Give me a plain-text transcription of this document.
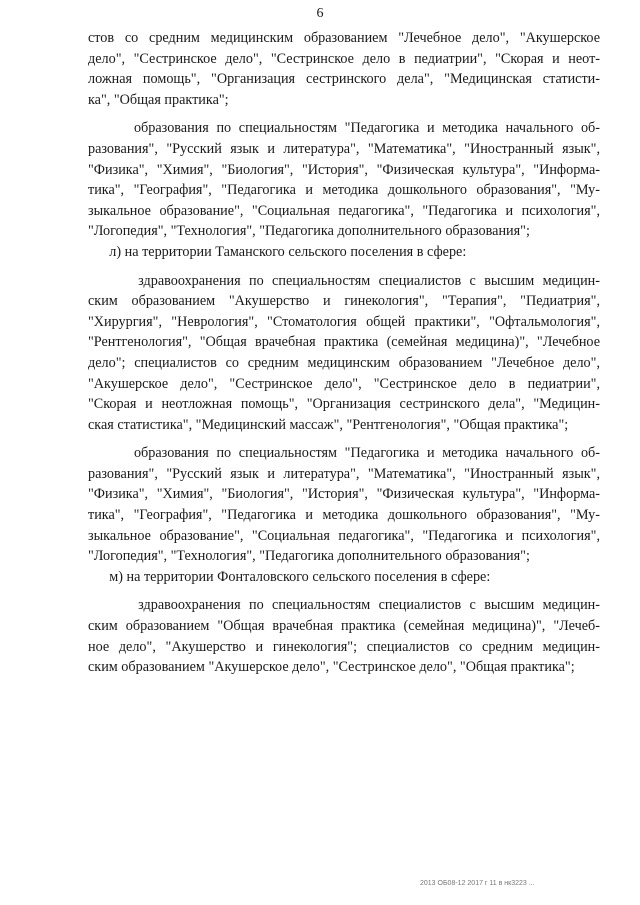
6
стов со средним медицинским образованием "Лечебное дело", "Акушерское
дело", "Сестринское дело", "Сестринское дело в педиатрии", "Скорая и неот-
ложная помощь", "Организация сестринского дела", "Медицинская статисти-
ка", "Общая практика";
образования по специальностям "Педагогика и методика начального об-
разования", "Русский язык и литература", "Математика", "Иностранный язык",
"Физика", "Химия", "Биология", "История", "Физическая культура", "Информа-
тика", "География", "Педагогика и методика дошкольного образования", "Му-
зыкальное образование", "Социальная педагогика", "Педагогика и психология",
"Логопедия", "Технология", "Педагогика дополнительного образования";
л) на территории Таманского сельского поселения в сфере:
здравоохранения по специальностям специалистов с высшим медицин-
ским образованием "Акушерство и гинекология", "Терапия", "Педиатрия",
"Хирургия", "Неврология", "Стоматология общей практики", "Офтальмология",
"Рентгенология", "Общая врачебная практика (семейная медицина)", "Лечебное
дело"; специалистов со средним медицинским образованием "Лечебное дело",
"Акушерское дело", "Сестринское дело", "Сестринское дело в педиатрии",
"Скорая и неотложная помощь", "Организация сестринского дела", "Медицин-
ская статистика", "Медицинский массаж", "Рентгенология", "Общая практика";
образования по специальностям "Педагогика и методика начального об-
разования", "Русский язык и литература", "Математика", "Иностранный язык",
"Физика", "Химия", "Биология", "История", "Физическая культура", "Информа-
тика", "География", "Педагогика и методика дошкольного образования", "Му-
зыкальное образование", "Социальная педагогика", "Педагогика и психология",
"Логопедия", "Технология", "Педагогика дополнительного образования";
м) на территории Фонталовского сельского поселения в сфере:
здравоохранения по специальностям специалистов с высшим медицин-
ским образованием "Общая врачебная практика (семейная медицина)", "Лечеб-
ное дело", "Акушерство и гинекология"; специалистов со средним медицин-
ским образованием "Акушерское дело", "Сестринское дело", "Общая практика";
2013 ОБ08-12 2017 г 11 в нк3223 ...
